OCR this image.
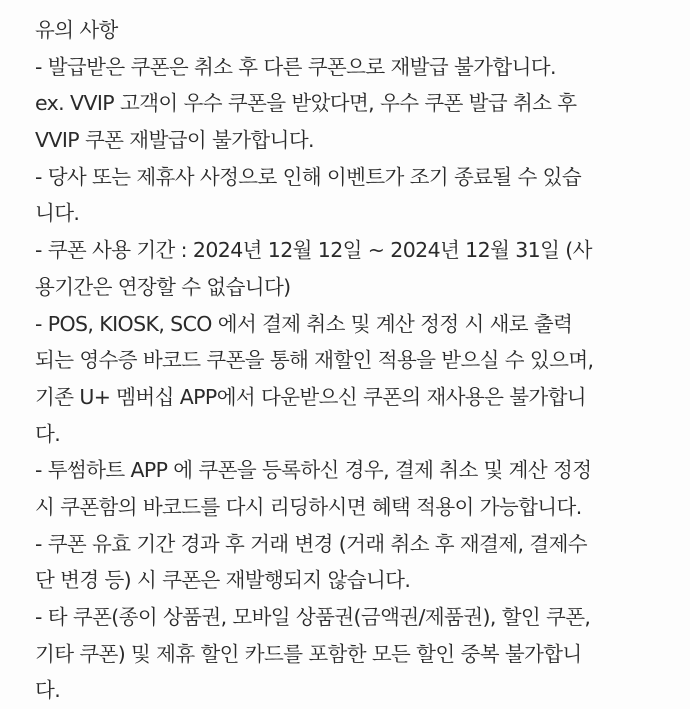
유의 사항
- 발급받은 쿠폰은 취소 후 다른 쿠폰으로 재발급 불가합니다.
ex. VVIP 고객이 우수 쿠폰을 받았다면, 우수 쿠폰 발급 취소 후
VVIP 쿠폰 재발급이 불가합니다.
- 당사 또는 제휴사 사정으로 인해 이벤트가 조기 종료될 수 있습
니다.
- 쿠폰 사용 기간 : 2024년 12월 12일 ~ 2024년 12월 31일 (사
용기간은 연장할 수 없습니다)
- POS, KIOSK, SCO 에서 결제 취소 및 계산 정정 시 새로 출력
되는 영수증 바코드 쿠폰을 통해 재할인 적용을 받으실 수 있으며,
기존 U+ 멤버십 APP에서 다운받으신 쿠폰의 재사용은 불가합니
다.
- 투썸하트 APP 에 쿠폰을 등록하신 경우, 결제 취소 및 계산 정정
시 쿠폰함의 바코드를 다시 리딩하시면 혜택 적용이 가능합니다.
- 쿠폰 유효 기간 경과 후 거래 변경 (거래 취소 후 재결제, 결제수
단 변경 등) 시 쿠폰은 재발행되지 않습니다.
- 타 쿠폰(종이 상품권, 모바일 상품권(금액권/제품권), 할인 쿠폰,
기타 쿠폰) 및 제휴 할인 카드를 포함한 모든 할인 중복 불가합니
다.
